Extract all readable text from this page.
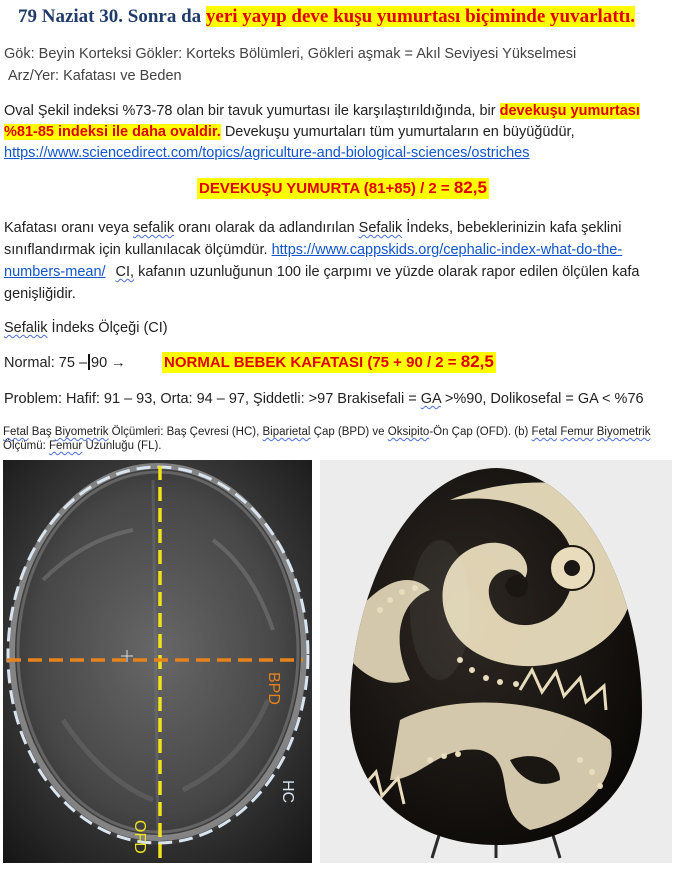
79 Naziat 30. Sonra da yeri yayıp deve kuşu yumurtası biçiminde yuvarlattı.
Gök: Beyin Korteksi Gökler: Korteks Bölümleri, Gökleri aşmak = Akıl Seviyesi Yükselmesi
Arz/Yer: Kafatası ve Beden
Oval Şekil indeksi %73-78 olan bir tavuk yumurtası ile karşılaştırıldığında, bir devekuşu yumurtası
%81-85 indeksi ile daha ovaldir. Devekuşu yumurtaları tüm yumurtaların en büyüğüdür,
https://www.sciencedirect.com/topics/agriculture-and-biological-sciences/ostriches
DEVEKUŞU YUMURTA (81+85) / 2 = 82,5
Kafatası oranı veya sefalik oranı olarak da adlandırılan Sefalik İndeks, bebeklerinizin kafa şeklini
sınıflandırmak için kullanılacak ölçümdür. https://www.cappskids.org/cephalic-index-what-do-the-
numbers-mean/ CI, kafanın uzunluğunun 100 ile çarpımı ve yüzde olarak rapor edilen ölçülen kafa
genişliğidir.
Sefalik İndeks Ölçeği (CI)
Normal: 75 – 90 →	NORMAL BEBEK KAFATASI (75 + 90 / 2 = 82,5
Problem: Hafif: 91 – 93, Orta: 94 – 97, Şiddetli: >97 Brakisefali = GA >%90, Dolikosefal = GA < %76
Fetal Baş Biyometrik Ölçümleri: Baş Çevresi (HC), Biparietal Çap (BPD) ve Oksipito-Ön Çap (OFD). (b) Fetal Femur Biyometrik
Ölçümü: Femur Uzunluğu (FL).
BPD
OFD
HC
